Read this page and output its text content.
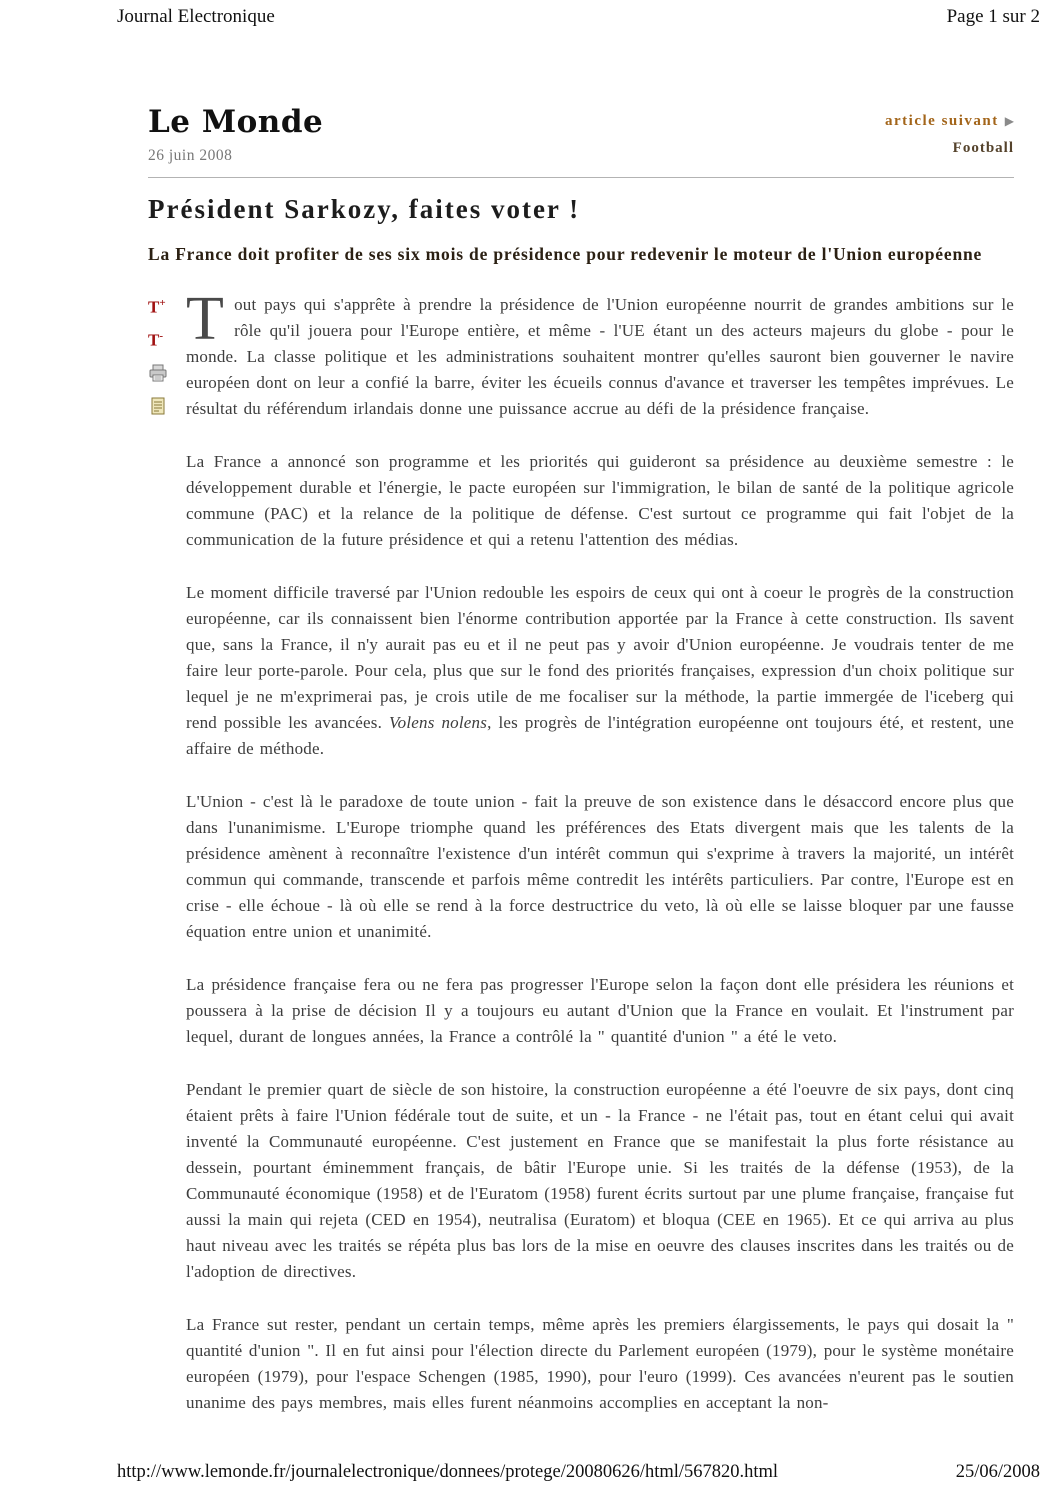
Journal Electronique	Page 1 sur 2
Le Monde
26 juin 2008
article suivant ▶
Football
Président Sarkozy, faites voter !
La France doit profiter de ses six mois de présidence pour redevenir le moteur de l'Union européenne
T+
T- Tout pays qui s'apprête à prendre la présidence de l'Union européenne nourrit de grandes ambitions sur le rôle qu'il jouera pour l'Europe entière, et même - l'UE étant un des acteurs majeurs du globe - pour le monde. La classe politique et les administrations souhaitent montrer qu'elles sauront bien gouverner le navire européen dont on leur a confié la barre, éviter les écueils connus d'avance et traverser les tempêtes imprévues. Le résultat du référendum irlandais donne une puissance accrue au défi de la présidence française.

La France a annoncé son programme et les priorités qui guideront sa présidence au deuxième semestre : le développement durable et l'énergie, le pacte européen sur l'immigration, le bilan de santé de la politique agricole commune (PAC) et la relance de la politique de défense. C'est surtout ce programme qui fait l'objet de la communication de la future présidence et qui a retenu l'attention des médias.

Le moment difficile traversé par l'Union redouble les espoirs de ceux qui ont à coeur le progrès de la construction européenne, car ils connaissent bien l'énorme contribution apportée par la France à cette construction. Ils savent que, sans la France, il n'y aurait pas eu et il ne peut pas y avoir d'Union européenne. Je voudrais tenter de me faire leur porte-parole. Pour cela, plus que sur le fond des priorités françaises, expression d'un choix politique sur lequel je ne m'exprimerai pas, je crois utile de me focaliser sur la méthode, la partie immergée de l'iceberg qui rend possible les avancées. Volens nolens, les progrès de l'intégration européenne ont toujours été, et restent, une affaire de méthode.

L'Union - c'est là le paradoxe de toute union - fait la preuve de son existence dans le désaccord encore plus que dans l'unanimisme. L'Europe triomphe quand les préférences des Etats divergent mais que les talents de la présidence amènent à reconnaître l'existence d'un intérêt commun qui s'exprime à travers la majorité, un intérêt commun qui commande, transcende et parfois même contredit les intérêts particuliers. Par contre, l'Europe est en crise - elle échoue - là où elle se rend à la force destructrice du veto, là où elle se laisse bloquer par une fausse équation entre union et unanimité.

La présidence française fera ou ne fera pas progresser l'Europe selon la façon dont elle présidera les réunions et poussera à la prise de décision Il y a toujours eu autant d'Union que la France en voulait. Et l'instrument par lequel, durant de longues années, la France a contrôlé la " quantité d'union " a été le veto.

Pendant le premier quart de siècle de son histoire, la construction européenne a été l'oeuvre de six pays, dont cinq étaient prêts à faire l'Union fédérale tout de suite, et un - la France - ne l'était pas, tout en étant celui qui avait inventé la Communauté européenne. C'est justement en France que se manifestait la plus forte résistance au dessein, pourtant éminemment français, de bâtir l'Europe unie. Si les traités de la défense (1953), de la Communauté économique (1958) et de l'Euratom (1958) furent écrits surtout par une plume française, française fut aussi la main qui rejeta (CED en 1954), neutralisa (Euratom) et bloqua (CEE en 1965). Et ce qui arriva au plus haut niveau avec les traités se répéta plus bas lors de la mise en oeuvre des clauses inscrites dans les traités ou de l'adoption de directives.

La France sut rester, pendant un certain temps, même après les premiers élargissements, le pays qui dosait la " quantité d'union ". Il en fut ainsi pour l'élection directe du Parlement européen (1979), pour le système monétaire européen (1979), pour l'espace Schengen (1985, 1990), pour l'euro (1999). Ces avancées n'eurent pas le soutien unanime des pays membres, mais elles furent néanmoins accomplies en acceptant la non-

http://www.lemonde.fr/journalelectronique/donnees/protege/20080626/html/567820.html	25/06/2008
